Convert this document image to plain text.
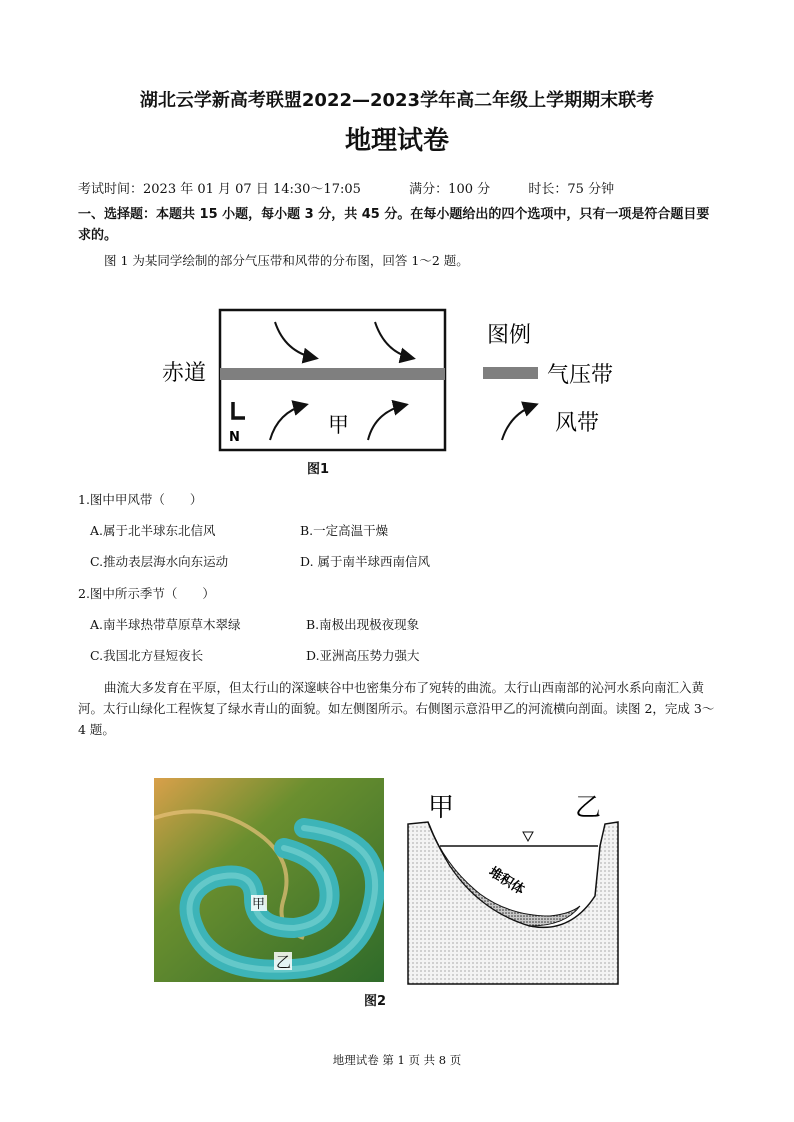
湖北云学新高考联盟2022—2023学年高二年级上学期期末联考
地理试卷
考试时间：2023 年 01 月 07 日 14:30～17:05	满分：100 分	时长：75 分钟
一、选择题：本题共 15 小题，每小题 3 分，共 45 分。在每小题给出的四个选项中，只有一项是符合题目要求的。
图 1 为某同学绘制的部分气压带和风带的分布图，回答 1～2 题。
赤道
N
甲
图例
气压带
风带
图1
1.图中甲风带（　　）
A.属于北半球东北信风	B.一定高温干燥
C.推动表层海水向东运动	D. 属于南半球西南信风
2.图中所示季节（　　）
A.南半球热带草原草木翠绿	B.南极出现极夜现象
C.我国北方昼短夜长	D.亚洲高压势力强大
曲流大多发育在平原，但太行山的深邃峡谷中也密集分布了宛转的曲流。太行山西南部的沁河水系向南汇入黄河。太行山绿化工程恢复了绿水青山的面貌。如左侧图所示。右侧图示意沿甲乙的河流横向剖面。读图 2，完成 3～4 题。
甲
乙
甲	乙
堆积体
图2
地理试卷 第 1 页 共 8 页
